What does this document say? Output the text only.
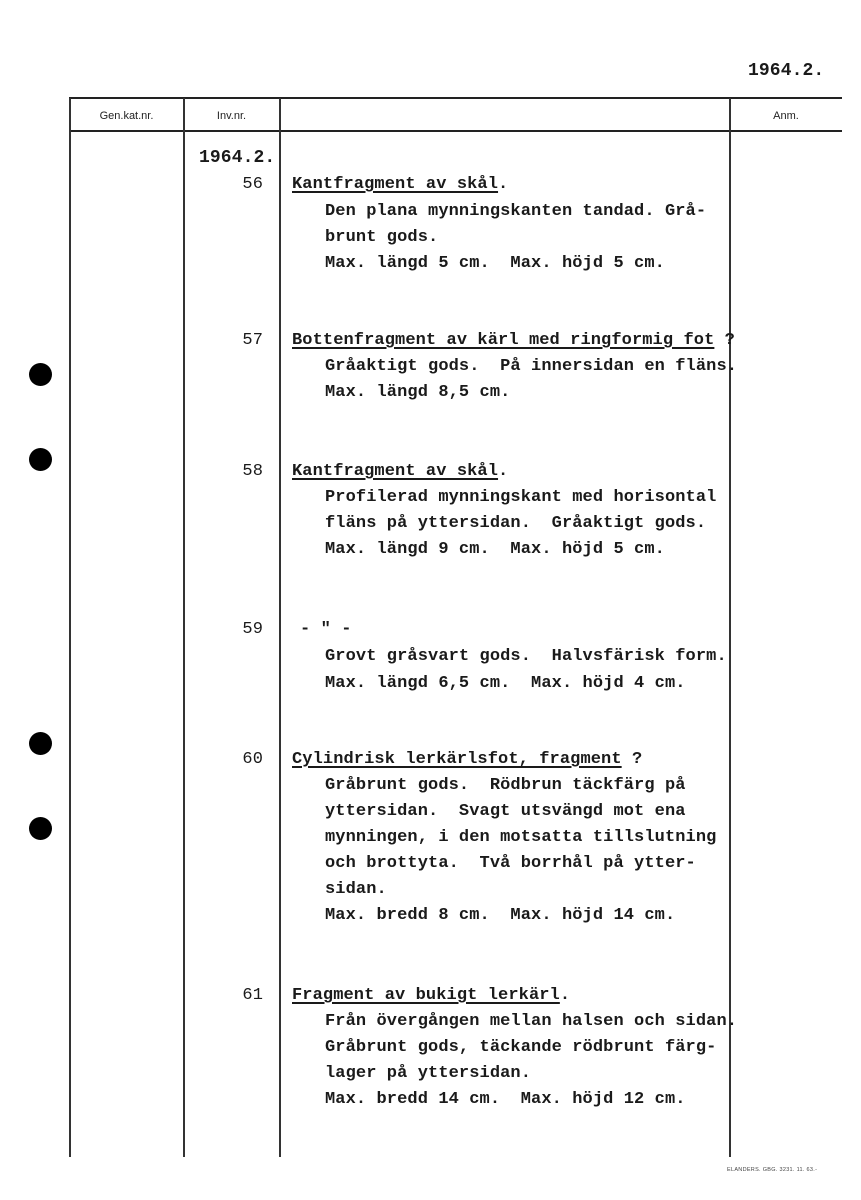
1964.2.
Gen.kat.nr.	Inv.nr.	Anm.
1964.2.
56 Kantfragment av skål.
Den plana mynningskanten tandad. Grå-
brunt gods.
Max. längd 5 cm.  Max. höjd 5 cm.
57 Bottenfragment av kärl med ringformig fot ?
Gråaktigt gods.  På innersidan en fläns.
Max. längd 8,5 cm.
58 Kantfragment av skål.
Profilerad mynningskant med horisontal
fläns på yttersidan.  Gråaktigt gods.
Max. längd 9 cm.  Max. höjd 5 cm.
59 - " -
Grovt gråsvart gods.  Halvsfärisk form.
Max. längd 6,5 cm.  Max. höjd 4 cm.
60 Cylindrisk lerkärlsfot, fragment ?
Gråbrunt gods.  Rödbrun täckfärg på
yttersidan.  Svagt utsvängd mot ena
mynningen, i den motsatta tillslutning
och brottyta.  Två borrhål på ytter-
sidan.
Max. bredd 8 cm.  Max. höjd 14 cm.
61 Fragment av bukigt lerkärl.
Från övergången mellan halsen och sidan.
Gråbrunt gods, täckande rödbrunt färg-
lager på yttersidan.
Max. bredd 14 cm.  Max. höjd 12 cm.
ELANDERS. GBG. 3231. 11. 63.-
